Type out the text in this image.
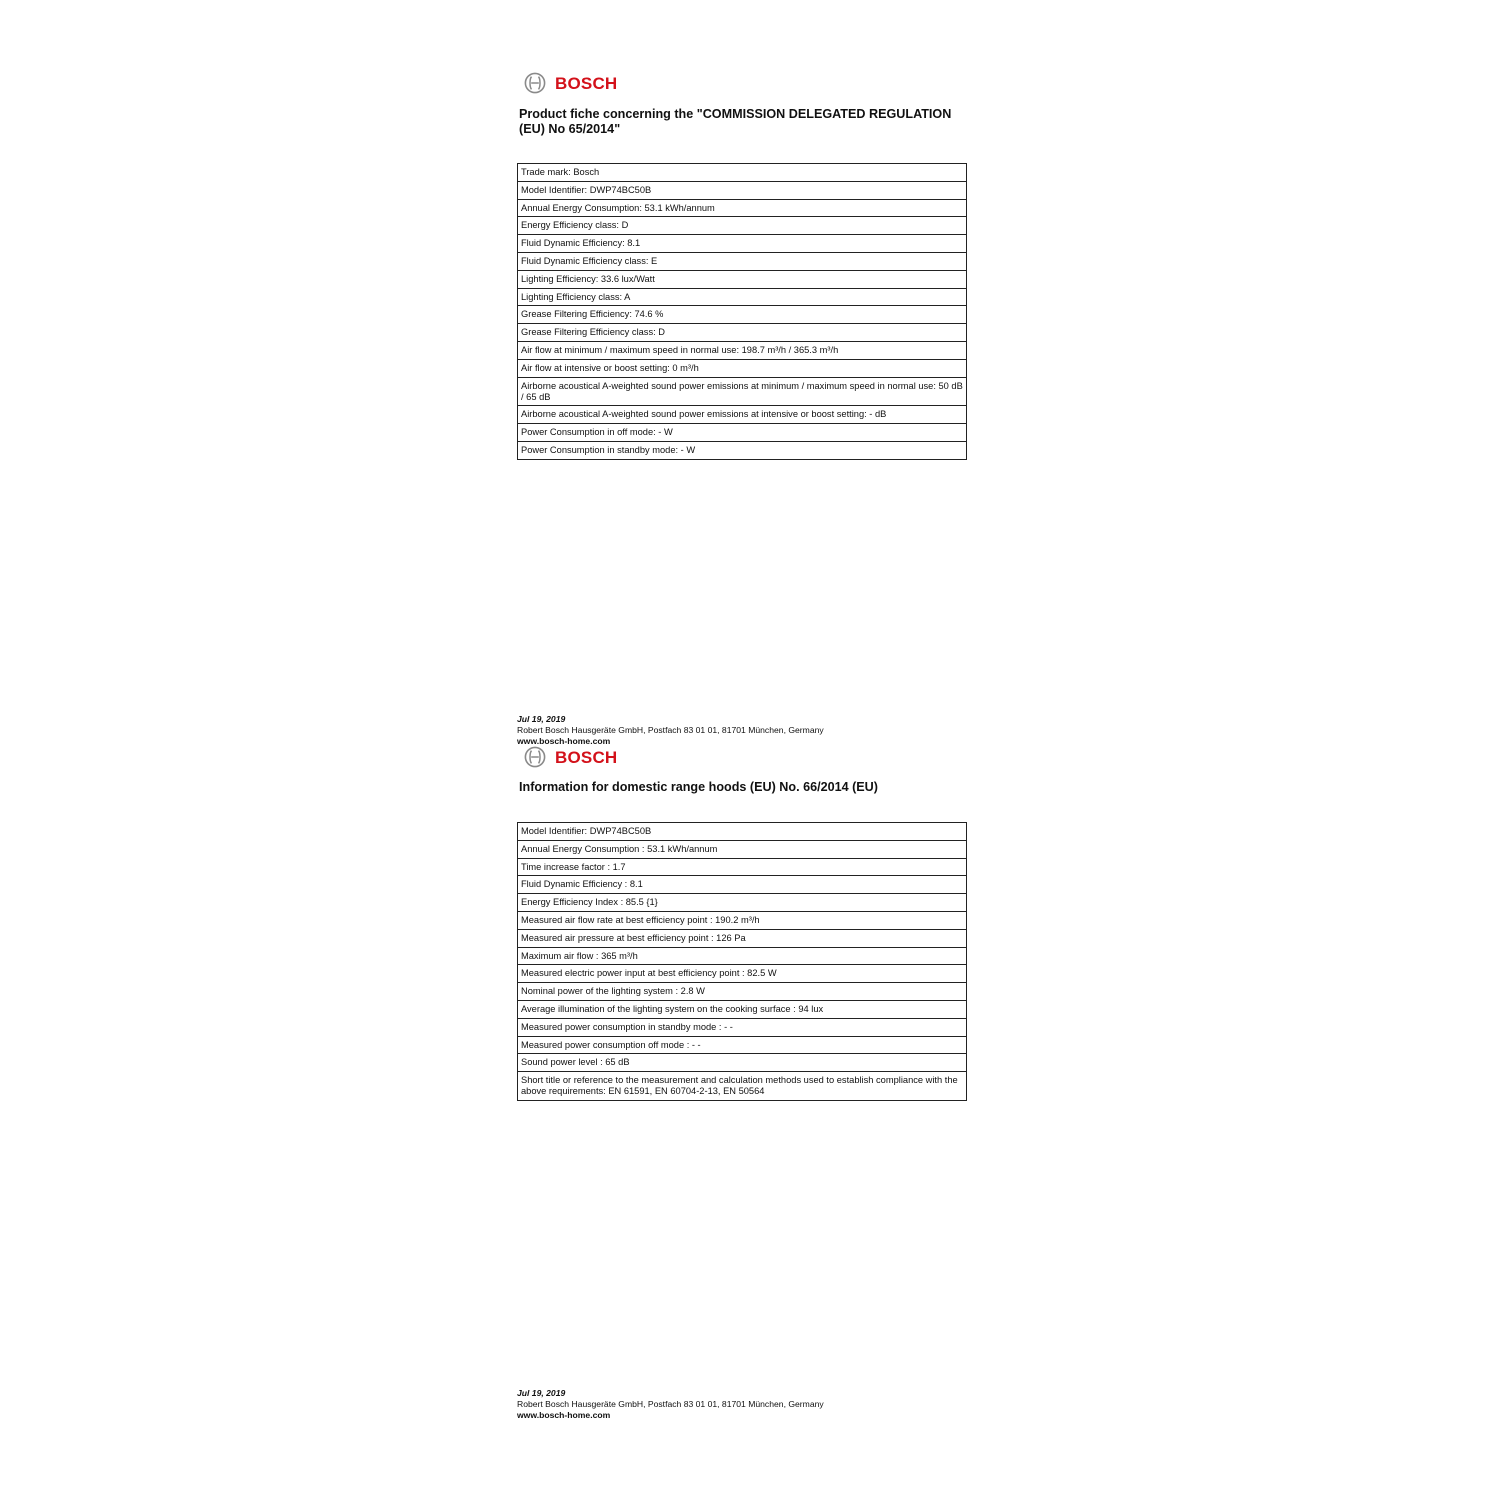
BOSCH
Product fiche concerning the "COMMISSION DELEGATED REGULATION (EU) No 65/2014"
Trade mark: Bosch
Model Identifier: DWP74BC50B
Annual Energy Consumption: 53.1 kWh/annum
Energy Efficiency class: D
Fluid Dynamic Efficiency: 8.1
Fluid Dynamic Efficiency class: E
Lighting Efficiency: 33.6 lux/Watt
Lighting Efficiency class: A
Grease Filtering Efficiency: 74.6 %
Grease Filtering Efficiency class: D
Air flow at minimum / maximum speed in normal use: 198.7 m³/h / 365.3 m³/h
Air flow at intensive or boost setting: 0 m³/h
Airborne acoustical A-weighted sound power emissions at minimum / maximum speed in normal use: 50 dB / 65 dB
Airborne acoustical A-weighted sound power emissions at intensive or boost setting: - dB
Power Consumption in off mode: - W
Power Consumption in standby mode: - W
Jul 19, 2019
Robert Bosch Hausgeräte GmbH, Postfach 83 01 01, 81701 München, Germany
www.bosch-home.com
BOSCH
Information for domestic range hoods (EU) No. 66/2014 (EU)
Model Identifier: DWP74BC50B
Annual Energy Consumption : 53.1 kWh/annum
Time increase factor : 1.7
Fluid Dynamic Efficiency : 8.1
Energy Efficiency Index : 85.5 {1}
Measured air flow rate at best efficiency point : 190.2 m³/h
Measured air pressure at best efficiency point : 126 Pa
Maximum air flow : 365 m³/h
Measured electric power input at best efficiency point : 82.5 W
Nominal power of the lighting system : 2.8 W
Average illumination of the lighting system on the cooking surface : 94 lux
Measured power consumption in standby mode : - -
Measured power consumption off mode : - -
Sound power level : 65 dB
Short title or reference to the measurement and calculation methods used to establish compliance with the above requirements: EN 61591, EN 60704-2-13, EN 50564
Jul 19, 2019
Robert Bosch Hausgeräte GmbH, Postfach 83 01 01, 81701 München, Germany
www.bosch-home.com
